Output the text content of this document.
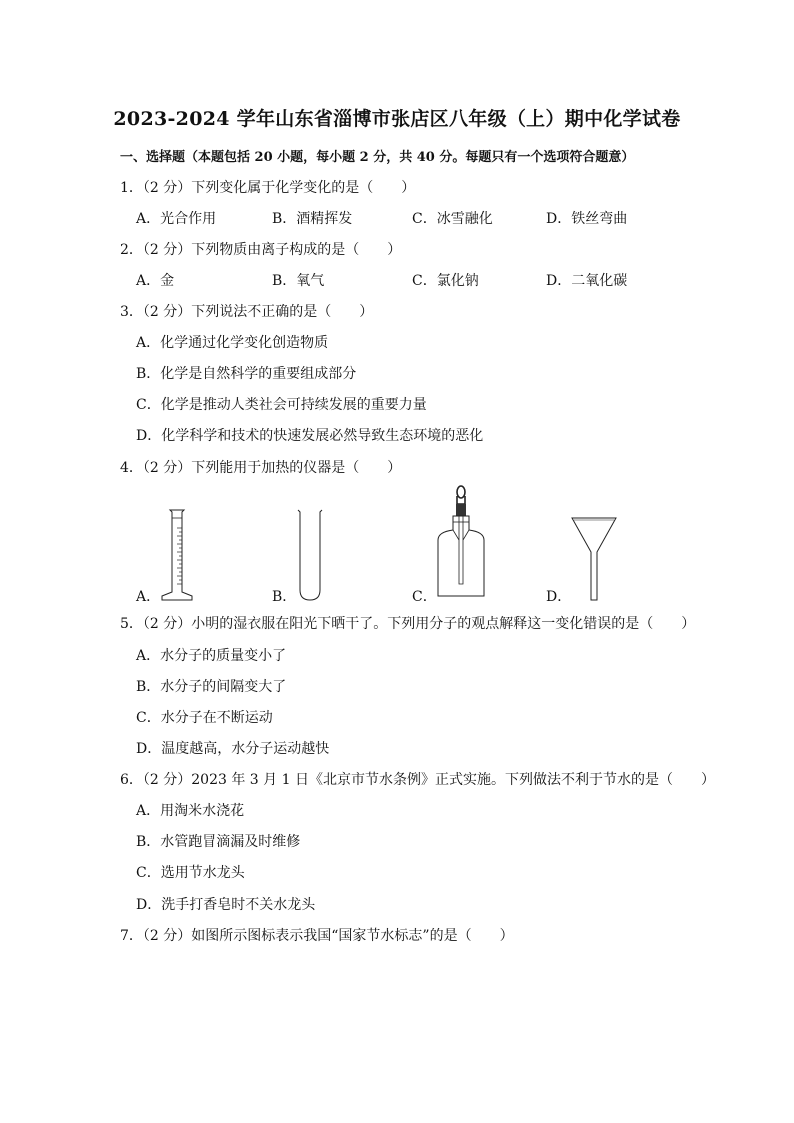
2023-2024 学年山东省淄博市张店区八年级（上）期中化学试卷
一、选择题（本题包括 20 小题，每小题 2 分，共 40 分。每题只有一个选项符合题意）
1．（2 分）下列变化属于化学变化的是（　　）
A．光合作用	B．酒精挥发	C．冰雪融化	D．铁丝弯曲
2．（2 分）下列物质由离子构成的是（　　）
A．金	B．氧气	C．氯化钠	D．二氧化碳
3．（2 分）下列说法不正确的是（　　）
A．化学通过化学变化创造物质
B．化学是自然科学的重要组成部分
C．化学是推动人类社会可持续发展的重要力量
D．化学科学和技术的快速发展必然导致生态环境的恶化
4．（2 分）下列能用于加热的仪器是（　　）
A．	B．	C．	D．
5．（2 分）小明的湿衣服在阳光下晒干了。下列用分子的观点解释这一变化错误的是（　　）
A．水分子的质量变小了
B．水分子的间隔变大了
C．水分子在不断运动
D．温度越高，水分子运动越快
6．（2 分）2023 年 3 月 1 日《北京市节水条例》正式实施。下列做法不利于节水的是（　　）
A．用淘米水浇花
B．水管跑冒滴漏及时维修
C．选用节水龙头
D．洗手打香皂时不关水龙头
7．（2 分）如图所示图标表示我国“国家节水标志”的是（　　）
